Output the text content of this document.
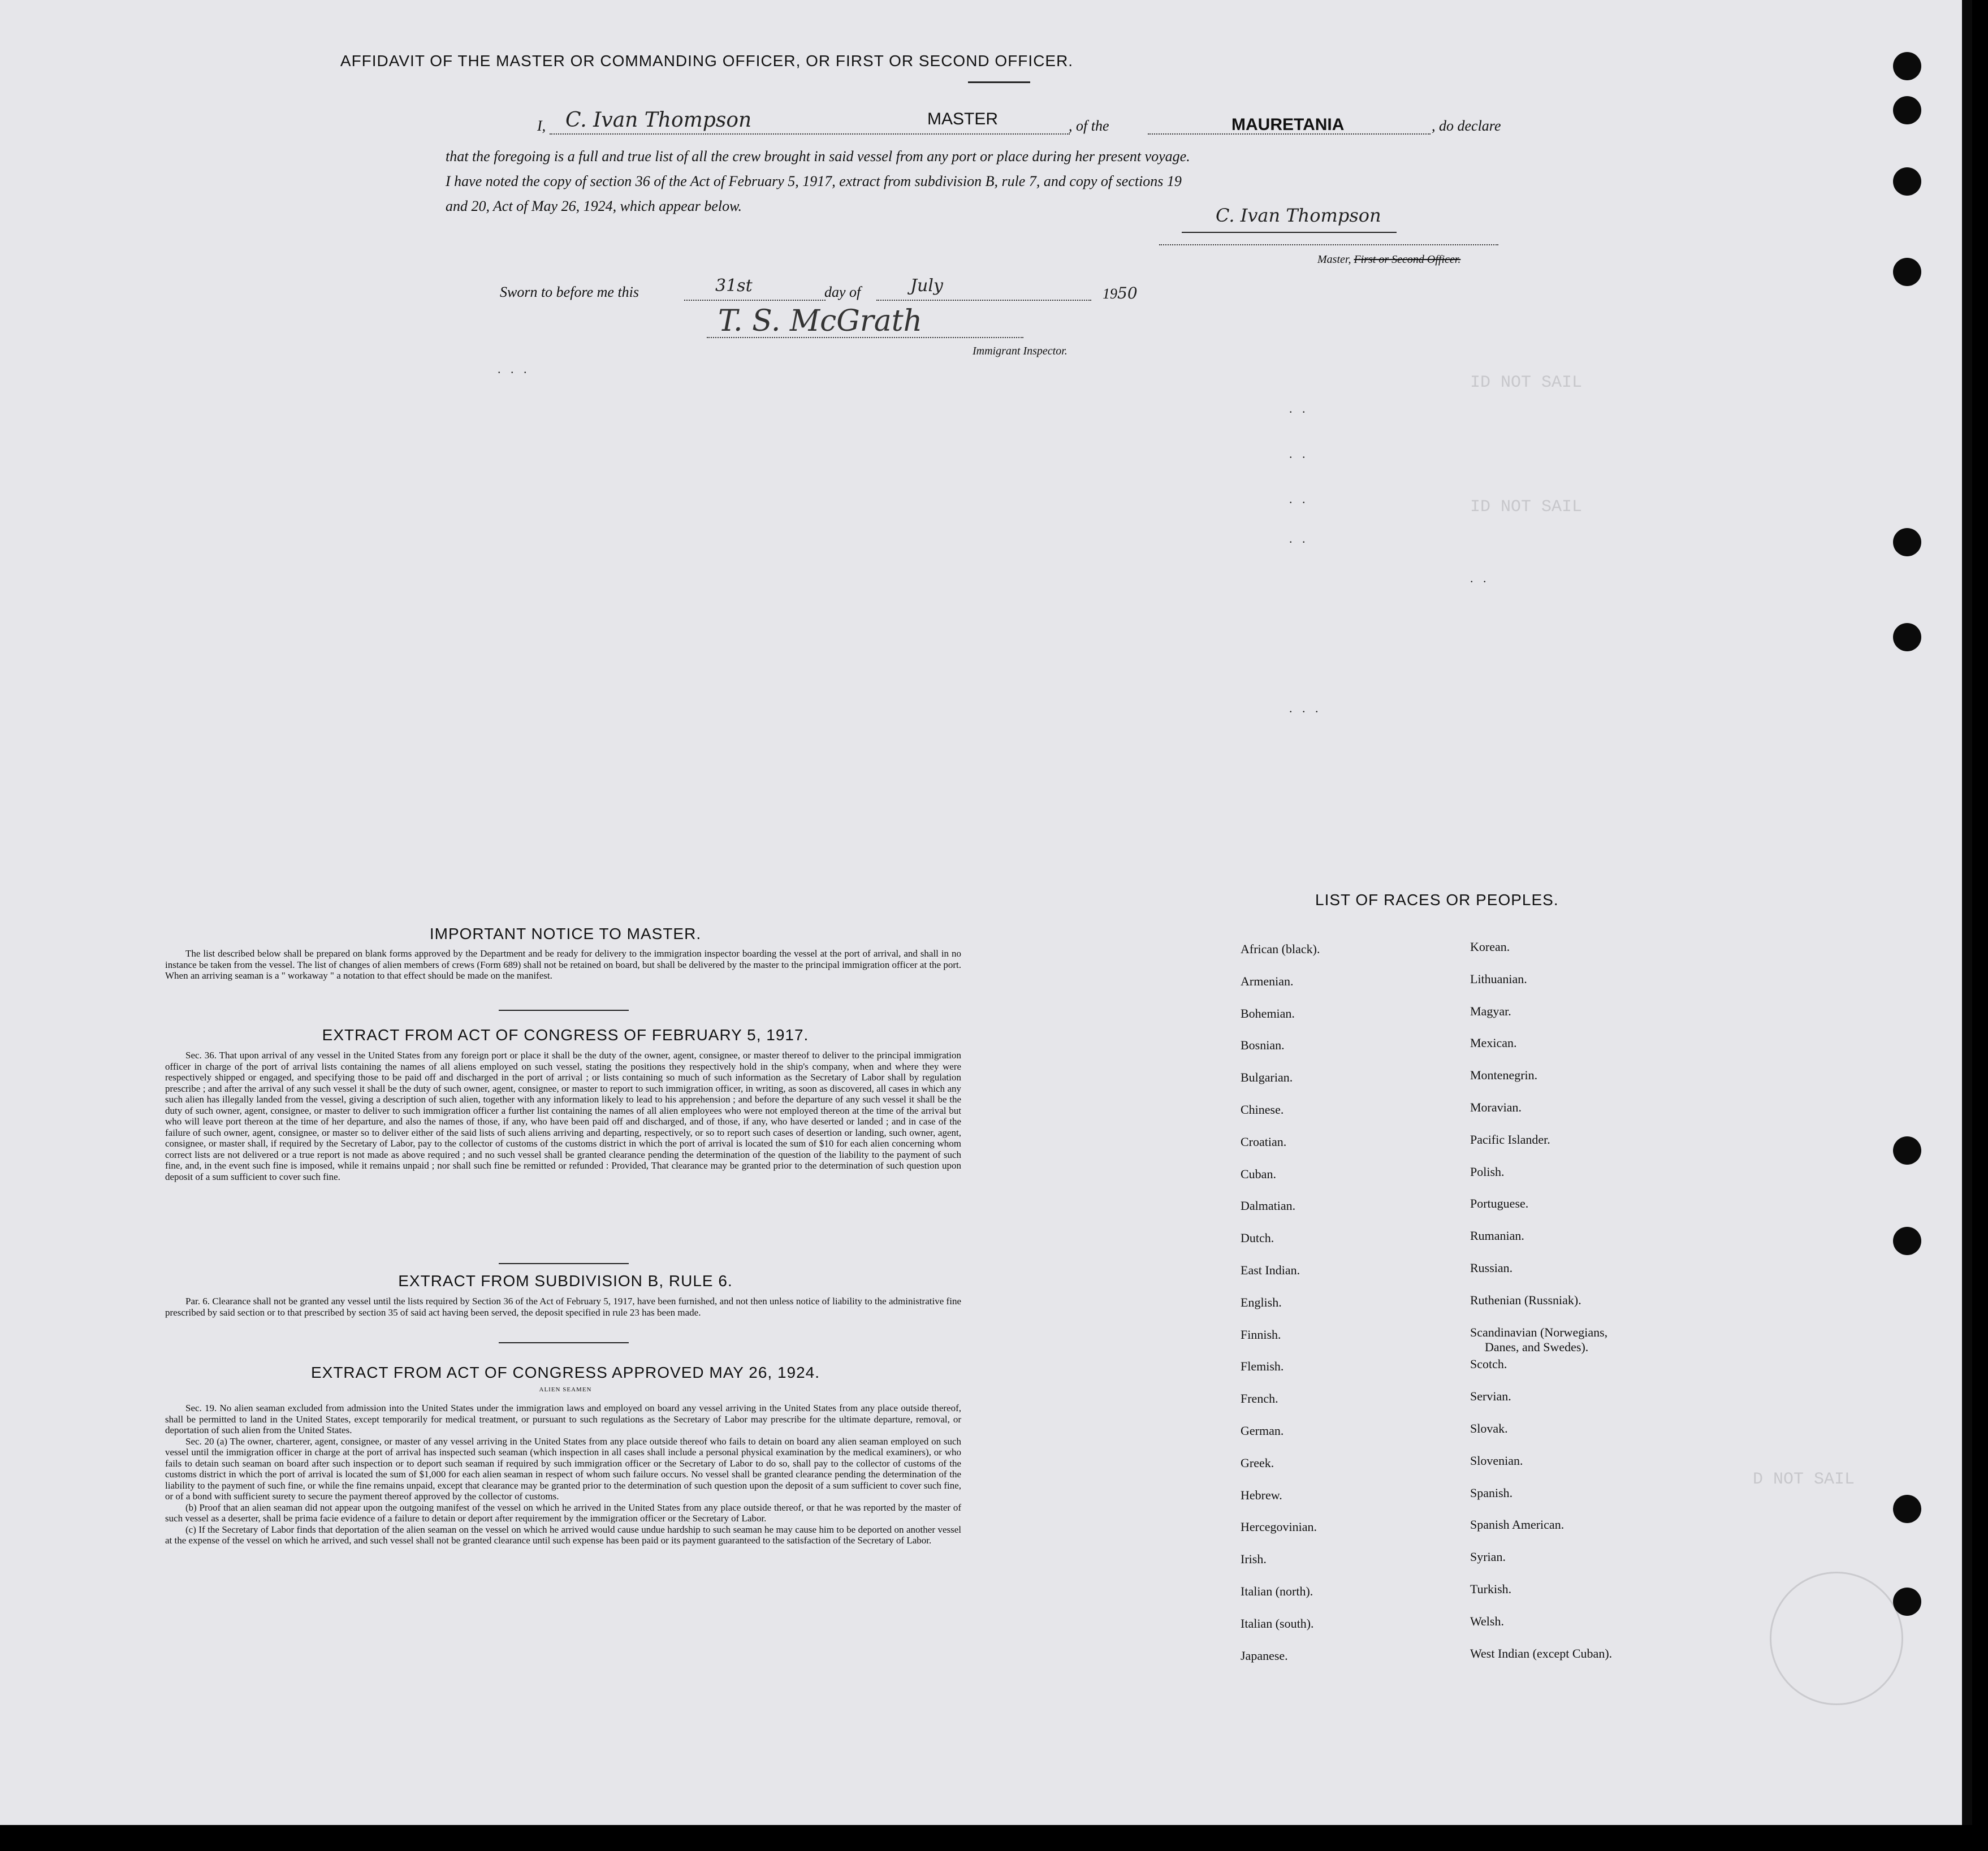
ID NOT SAIL
ID NOT SAIL
D NOT SAIL
AFFIDAVIT OF THE MASTER OR COMMANDING OFFICER, OR FIRST OR SECOND OFFICER.
I, C. Ivan Thompson	MASTER	, of the	MAURETANIA	, do declare
that the foregoing is a full and true list of all the crew brought in said vessel from any port or place during her present voyage.
I have noted the copy of section 36 of the Act of February 5, 1917, extract from subdivision B, rule 7, and copy of sections 19
and 20, Act of May 26, 1924, which appear below.	C. Ivan Thompson
Master, First or Second Officer.
Sworn to before me this	31st	day of	July	1950
T. S. McGrath
Immigrant Inspector.
. . .
. .
. .
. .
. .
. .
. . .
IMPORTANT NOTICE TO MASTER.

The list described below shall be prepared on blank forms approved by the Department and be ready for delivery to the immigration inspector boarding the vessel at the port of arrival, and shall in no instance be taken from the vessel. The list of changes of alien members of crews (Form 689) shall not be retained on board, but shall be delivered by the master to the principal immigration officer at the port. When an arriving seaman is a " workaway " a notation to that effect should be made on the manifest.

EXTRACT FROM ACT OF CONGRESS OF FEBRUARY 5, 1917.

Sec. 36. That upon arrival of any vessel in the United States from any foreign port or place it shall be the duty of the owner, agent, consignee, or master thereof to deliver to the principal immigration officer in charge of the port of arrival lists containing the names of all aliens employed on such vessel, stating the positions they respectively hold in the ship's company, when and where they were respectively shipped or engaged, and specifying those to be paid off and discharged in the port of arrival ; or lists containing so much of such information as the Secretary of Labor shall by regulation prescribe ; and after the arrival of any such vessel it shall be the duty of such owner, agent, consignee, or master to report to such immigration officer, in writing, as soon as discovered, all cases in which any such alien has illegally landed from the vessel, giving a description of such alien, together with any information likely to lead to his apprehension ; and before the departure of any such vessel it shall be the duty of such owner, agent, consignee, or master to deliver to such immigration officer a further list containing the names of all alien employees who were not employed thereon at the time of the arrival but who will leave port thereon at the time of her departure, and also the names of those, if any, who have been paid off and discharged, and of those, if any, who have deserted or landed ; and in case of the failure of such owner, agent, consignee, or master so to deliver either of the said lists of such aliens arriving and departing, respectively, or so to report such cases of desertion or landing, such owner, agent, consignee, or master shall, if required by the Secretary of Labor, pay to the collector of customs of the customs district in which the port of arrival is located the sum of $10 for each alien concerning whom correct lists are not delivered or a true report is not made as above required ; and no such vessel shall be granted clearance pending the determination of the question of the liability to the payment of such fine, and, in the event such fine is imposed, while it remains unpaid ; nor shall such fine be remitted or refunded : Provided, That clearance may be granted prior to the determination of such question upon deposit of a sum sufficient to cover such fine.

EXTRACT FROM SUBDIVISION B, RULE 6.

Par. 6. Clearance shall not be granted any vessel until the lists required by Section 36 of the Act of February 5, 1917, have been furnished, and not then unless notice of liability to the administrative fine prescribed by said section or to that prescribed by section 35 of said act having been served, the deposit specified in rule 23 has been made.

EXTRACT FROM ACT OF CONGRESS APPROVED MAY 26, 1924.
ALIEN SEAMEN

Sec. 19. No alien seaman excluded from admission into the United States under the immigration laws and employed on board any vessel arriving in the United States from any place outside thereof, shall be permitted to land in the United States, except temporarily for medical treatment, or pursuant to such regulations as the Secretary of Labor may prescribe for the ultimate departure, removal, or deportation of such alien from the United States.

Sec. 20 (a) The owner, charterer, agent, consignee, or master of any vessel arriving in the United States from any place outside thereof who fails to detain on board any alien seaman employed on such vessel until the immigration officer in charge at the port of arrival has inspected such seaman (which inspection in all cases shall include a personal physical examination by the medical examiners), or who fails to detain such seaman on board after such inspection or to deport such seaman if required by such immigration officer or the Secretary of Labor to do so, shall pay to the collector of customs of the customs district in which the port of arrival is located the sum of $1,000 for each alien seaman in respect of whom such failure occurs. No vessel shall be granted clearance pending the determination of the liability to the payment of such fine, or while the fine remains unpaid, except that clearance may be granted prior to the determination of such question upon the deposit of a sum sufficient to cover such fine, or of a bond with sufficient surety to secure the payment thereof approved by the collector of customs.

(b) Proof that an alien seaman did not appear upon the outgoing manifest of the vessel on which he arrived in the United States from any place outside thereof, or that he was reported by the master of such vessel as a deserter, shall be prima facie evidence of a failure to detain or deport after requirement by the immigration officer or the Secretary of Labor.

(c) If the Secretary of Labor finds that deportation of the alien seaman on the vessel on which he arrived would cause undue hardship to such seaman he may cause him to be deported on another vessel at the expense of the vessel on which he arrived, and such vessel shall not be granted clearance until such expense has been paid or its payment guaranteed to the satisfaction of the Secretary of Labor.

LIST OF RACES OR PEOPLES.
African (black).
Armenian.
Bohemian.
Bosnian.
Bulgarian.
Chinese.
Croatian.
Cuban.
Dalmatian.
Dutch.
East Indian.
English.
Finnish.
Flemish.
French.
German.
Greek.
Hebrew.
Hercegovinian.
Irish.
Italian (north).
Italian (south).
Japanese.
Korean.
Lithuanian.
Magyar.
Mexican.
Montenegrin.
Moravian.
Pacific Islander.
Polish.
Portuguese.
Rumanian.
Russian.
Ruthenian (Russniak).
Scandinavian (Norwegians,
Scotch.
Servian.
Slovak.
Slovenian.
Spanish.
Spanish American.
Syrian.
Turkish.
Welsh.
West Indian (except Cuban).
Danes, and Swedes).
